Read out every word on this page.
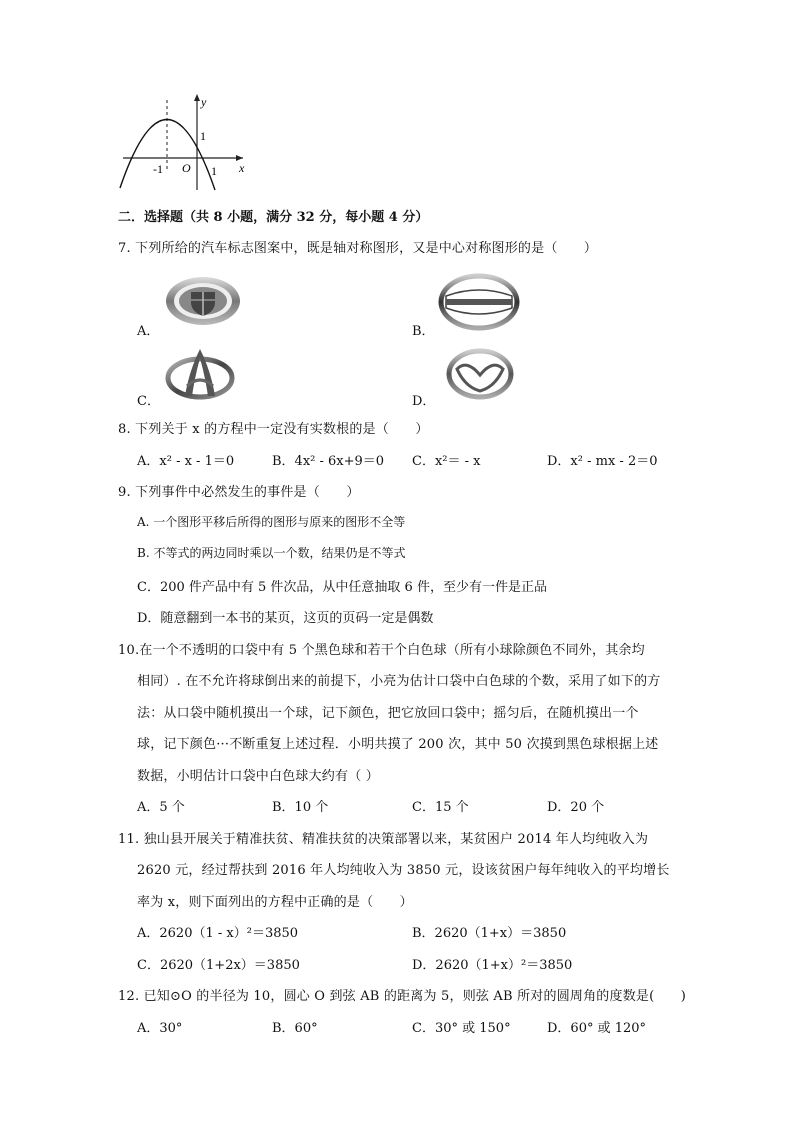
y
x
O
-1	1
1
二．选择题（共 8 小题，满分 32 分，每小题 4 分）
7. 下列所给的汽车标志图案中，既是轴对称图形，又是中心对称图形的是（　　）
A．	B．
C．	D．
8. 下列关于 x 的方程中一定没有实数根的是（　　）
A．x² - x - 1＝0	B．4x² - 6x+9＝0 C．x²＝ - x	D．x² - mx - 2＝0
9. 下列事件中必然发生的事件是（　　）
A. 一个图形平移后所得的图形与原来的图形不全等
B. 不等式的两边同时乘以一个数，结果仍是不等式
C．200 件产品中有 5 件次品，从中任意抽取 6 件，至少有一件是正品
D．随意翻到一本书的某页，这页的页码一定是偶数
10.在一个不透明的口袋中有 5 个黑色球和若干个白色球（所有小球除颜色不同外，其余均
相同）. 在不允许将球倒出来的前提下，小亮为估计口袋中白色球的个数，采用了如下的方
法：从口袋中随机摸出一个球，记下颜色，把它放回口袋中；摇匀后，在随机摸出一个
球，记下颜色···不断重复上述过程．小明共摸了 200 次，其中 50 次摸到黑色球根据上述
数据，小明估计口袋中白色球大约有（ ）
A．5 个	B．10 个	C．15 个	D．20 个
11. 独山县开展关于精准扶贫、精准扶贫的决策部署以来，某贫困户 2014 年人均纯收入为
2620 元，经过帮扶到 2016 年人均纯收入为 3850 元，设该贫困户每年纯收入的平均增长
率为 x，则下面列出的方程中正确的是（　　）
A．2620（1 - x）²＝3850	B．2620（1+x）＝3850
C．2620（1+2x）＝3850	D．2620（1+x）²＝3850
12. 已知⊙O 的半径为 10，圆心 O 到弦 AB 的距离为 5，则弦 AB 所对的圆周角的度数是(　　)
A．30°	B．60°	C．30° 或 150°	D．60° 或 120°
